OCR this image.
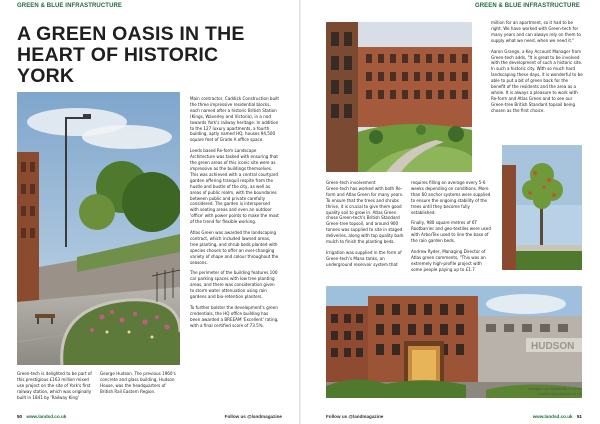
GREEN & BLUE INFRASTRUCTURE
A GREEN OASIS IN THE HEART OF HISTORIC YORK

Green-tech is delighted to be part of this prestigious £163 million mixed use project on the site of York's first railway station, which was originally built in 1841 by 'Railway King'

George Hudson. The previous 1960's concrete and glass building, Hudson House, was the headquarters of British Rail Eastern Region.

Main contractor, Caddick Construction built the three impressive residential blocks, each named after a historic British Station (Kings, Waverley and Victoria), in a nod towards York's railway heritage. In addition to the 127 luxury apartments, a fourth building, aptly named HQ, houses 94,500 square feet of Grade A office space.

Leeds based Re-form Landscape Architecture was tasked with ensuring that the green areas of this iconic site were as impressive as the buildings themselves. This was achieved with a central courtyard garden offering tranquil respite from the hustle and bustle of the city, as well as areas of public realm, with the boundaries between public and private carefully considered. The garden is interspersed with seating areas and even an outdoor 'office' with power points to make the most of the trend for flexible working.

Atlas Green was awarded the landscaping contract, which included lawned areas, tree planting, and shrub beds planted with species chosen to offer an ever-changing variety of shape and colour throughout the seasons.

The perimeter of the building features 100 car parking spaces with low tree planting areas, and there was consideration given to storm water attenuation using rain gardens and bio-retention planters.

To further bolster the development's green credentials, the HQ office building has been awarded a BREEAM 'Excellent' rating, with a final certified score of 73.5%.

50 www.landsd.co.uk	Follow us @landmagazine
GREEN & BLUE INFRASTRUCTURE
HUDSON

million for an apartment, so it had to be right. We have worked with Green-tech for many years and can always rely on them to supply what we need, when we need it."

Aaron Grange, a Key Account Manager from Green-tech adds, "It is great to be involved with the development of such a historic site. In such a historic city. With so much hard landscaping these days, it is wonderful to be able to put a bit of green back for the benefit of the residents and the area as a whole. It is always a pleasure to work with Re-form and Atlas Green and to see our Green-tree British Standard topsoil being chosen as the first choice.

Green-tech involvement
Green-tech has worked with both Re-form and Atlas Green for many years. To ensure that the trees and shrubs thrive, it is crucial to give them good quality soil to grow in. Atlas Green chose Green-tech's British Standard Green-tree topsoil, and around 900 tonnes was supplied to site in staged deliveries, along with top quality bark mulch to finish the planting beds.

Irrigation was supplied in the form of Green-tech's Mana tanks, an underground reservoir system that

requires filling on average every 5-6 weeks depending on conditions. More than 60 anchor systems were supplied to ensure the ongoing stability of the trees until they become fully established.

Finally, 980 square metres of 6T Rootbarrier and geo-textiles were used with ArborTex used to line the base of the rain garden beds.

Andrew Ryder, Managing Director of Atlas green comments, "This was an extremely high-profile project with some people paying up to £1.7

Images c/o Matthew + Crow
matthewandcrow.co.uk
Follow us @landmagazine	www.landsd.co.uk 51
